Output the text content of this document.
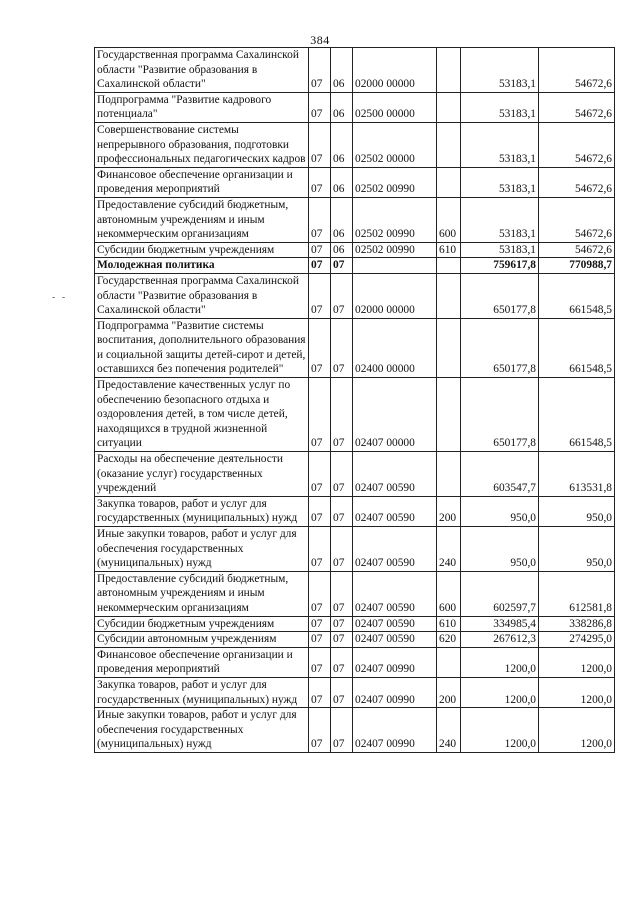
384
- -
Государственная программа Сахалинской области "Развитие образования в Сахалинской области"	07	06	02000 00000		53183,1	54672,6
Подпрограмма "Развитие кадрового потенциала"	07	06	02500 00000		53183,1	54672,6
Совершенствование системы непрерывного образования, подготовки профессиональных педагогических кадров	07	06	02502 00000		53183,1	54672,6
Финансовое обеспечение организации и проведения мероприятий	07	06	02502 00990		53183,1	54672,6
Предоставление субсидий бюджетным, автономным учреждениям и иным некоммерческим организациям	07	06	02502 00990	600	53183,1	54672,6
Субсидии бюджетным учреждениям	07	06	02502 00990	610	53183,1	54672,6
Молодежная политика	07	07			759617,8	770988,7
Государственная программа Сахалинской области "Развитие образования в Сахалинской области"	07	07	02000 00000		650177,8	661548,5
Подпрограмма "Развитие системы воспитания, дополнительного образования и социальной защиты детей-сирот и детей, оставшихся без попечения родителей"	07	07	02400 00000		650177,8	661548,5
Предоставление качественных услуг по обеспечению безопасного отдыха и оздоровления детей, в том числе детей, находящихся в трудной жизненной ситуации	07	07	02407 00000		650177,8	661548,5
Расходы на обеспечение деятельности (оказание услуг) государственных учреждений	07	07	02407 00590		603547,7	613531,8
Закупка товаров, работ и услуг для государственных (муниципальных) нужд	07	07	02407 00590	200	950,0	950,0
Иные закупки товаров, работ и услуг для обеспечения государственных (муниципальных) нужд	07	07	02407 00590	240	950,0	950,0
Предоставление субсидий бюджетным, автономным учреждениям и иным некоммерческим организациям	07	07	02407 00590	600	602597,7	612581,8
Субсидии бюджетным учреждениям	07	07	02407 00590	610	334985,4	338286,8
Субсидии автономным учреждениям	07	07	02407 00590	620	267612,3	274295,0
Финансовое обеспечение организации и проведения мероприятий	07	07	02407 00990		1200,0	1200,0
Закупка товаров, работ и услуг для государственных (муниципальных) нужд	07	07	02407 00990	200	1200,0	1200,0
Иные закупки товаров, работ и услуг для обеспечения государственных (муниципальных) нужд	07	07	02407 00990	240	1200,0	1200,0
